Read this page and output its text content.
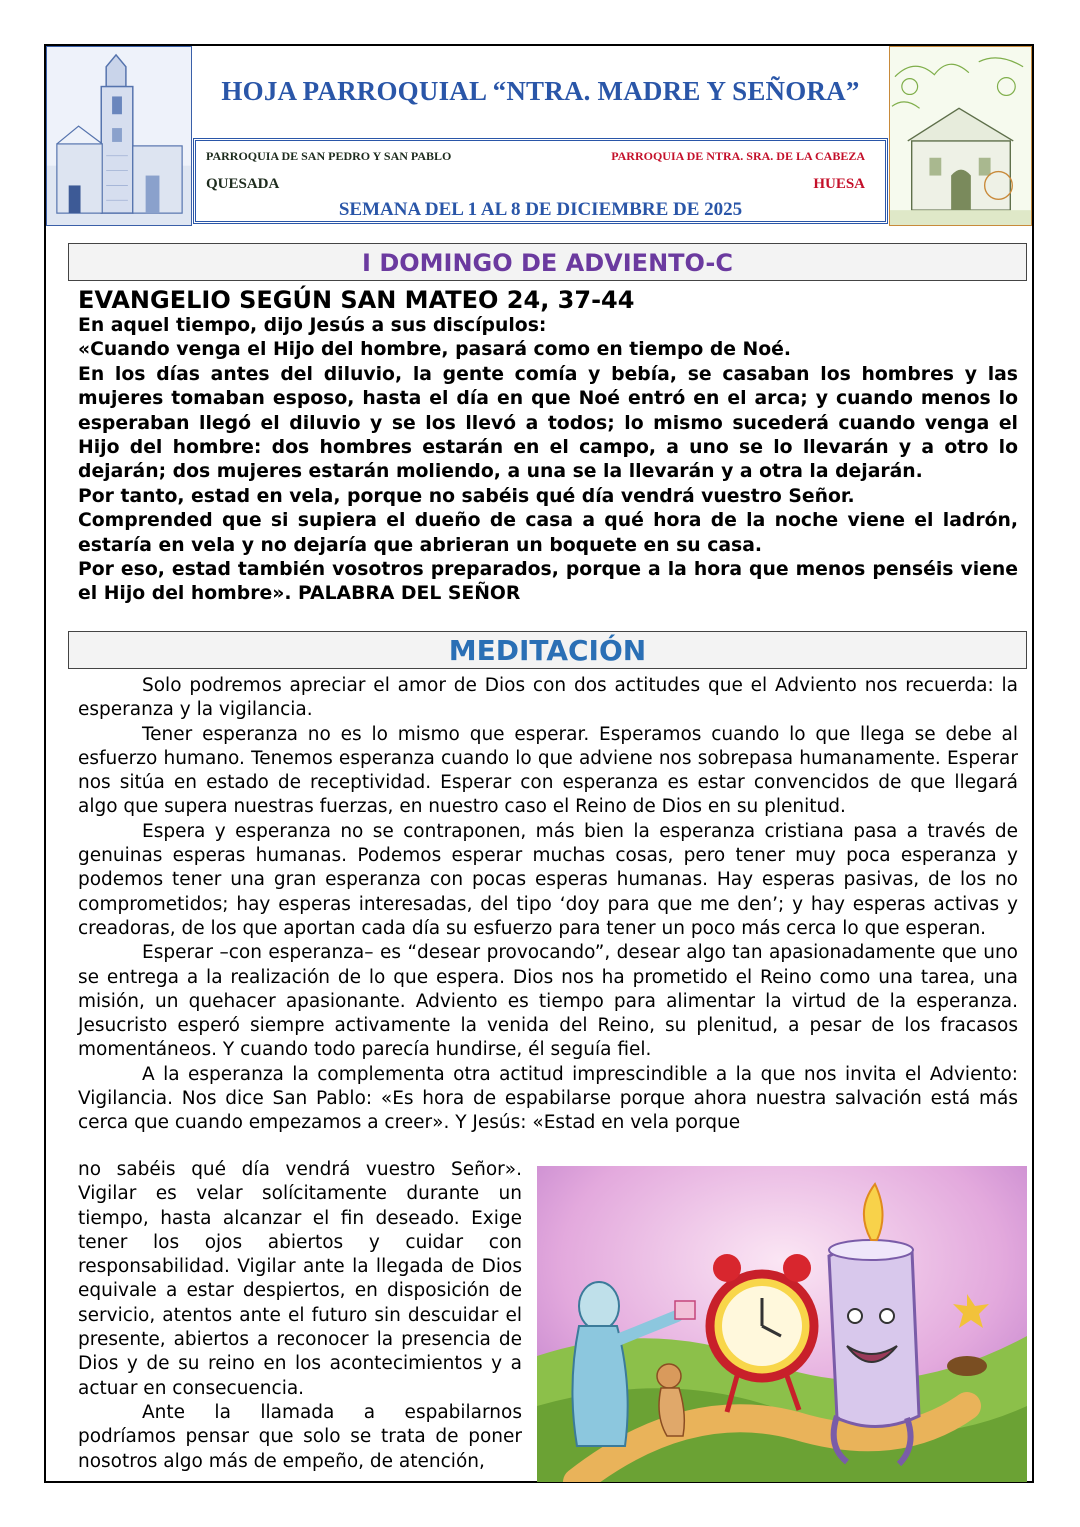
HOJA PARROQUIAL “NTRA. MADRE Y SEÑORA”
PARROQUIA DE SAN PEDRO Y SAN PABLO	PARROQUIA DE NTRA. SRA. DE LA CABEZA
QUESADA	HUESA
SEMANA DEL 1 AL 8 DE DICIEMBRE DE 2025
I DOMINGO DE ADVIENTO-C
EVANGELIO SEGÚN SAN MATEO 24, 37-44

En aquel tiempo, dijo Jesús a sus discípulos:

«Cuando venga el Hijo del hombre, pasará como en tiempo de Noé.

En los días antes del diluvio, la gente comía y bebía, se casaban los hombres y las mujeres tomaban esposo, hasta el día en que Noé entró en el arca; y cuando menos lo esperaban llegó el diluvio y se los llevó a todos; lo mismo sucederá cuando venga el Hijo del hombre: dos hombres estarán en el campo, a uno se lo llevarán y a otro lo dejarán; dos mujeres estarán moliendo, a una se la llevarán y a otra la dejarán.

Por tanto, estad en vela, porque no sabéis qué día vendrá vuestro Señor.

Comprended que si supiera el dueño de casa a qué hora de la noche viene el ladrón, estaría en vela y no dejaría que abrieran un boquete en su casa.

Por eso, estad también vosotros preparados, porque a la hora que menos penséis viene el Hijo del hombre». PALABRA DEL SEÑOR

MEDITACIÓN

Solo podremos apreciar el amor de Dios con dos actitudes que el Adviento nos recuerda: la esperanza y la vigilancia.

Tener esperanza no es lo mismo que esperar. Esperamos cuando lo que llega se debe al esfuerzo humano. Tenemos esperanza cuando lo que adviene nos sobrepasa humanamente. Esperar nos sitúa en estado de receptividad. Esperar con esperanza es estar convencidos de que llegará algo que supera nuestras fuerzas, en nuestro caso el Reino de Dios en su plenitud.

Espera y esperanza no se contraponen, más bien la esperanza cristiana pasa a través de genuinas esperas humanas. Podemos esperar muchas cosas, pero tener muy poca esperanza y podemos tener una gran esperanza con pocas esperas humanas. Hay esperas pasivas, de los no comprometidos; hay esperas interesadas, del tipo ‘doy para que me den’; y hay esperas activas y creadoras, de los que aportan cada día su esfuerzo para tener un poco más cerca lo que esperan.

Esperar –con esperanza– es “desear provocando”, desear algo tan apasionadamente que uno se entrega a la realización de lo que espera. Dios nos ha prometido el Reino como una tarea, una misión, un quehacer apasionante. Adviento es tiempo para alimentar la virtud de la esperanza. Jesucristo esperó siempre activamente la venida del Reino, su plenitud, a pesar de los fracasos momentáneos. Y cuando todo parecía hundirse, él seguía fiel.

A la esperanza la complementa otra actitud imprescindible a la que nos invita el Adviento: Vigilancia. Nos dice San Pablo: «Es hora de espabilarse porque ahora nuestra salvación está más cerca que cuando empezamos a creer». Y Jesús: «Estad en vela porque

no sabéis qué día vendrá vuestro Señor». Vigilar es velar solícitamente durante un tiempo, hasta alcanzar el fin deseado. Exige tener los ojos abiertos y cuidar con responsabilidad. Vigilar ante la llegada de Dios equivale a estar despiertos, en disposición de servicio, atentos ante el futuro sin descuidar el presente, abiertos a reconocer la presencia de Dios y de su reino en los acontecimientos y a actuar en consecuencia.

Ante la llamada a espabilarnos podríamos pensar que solo se trata de poner nosotros algo más de empeño, de atención,
